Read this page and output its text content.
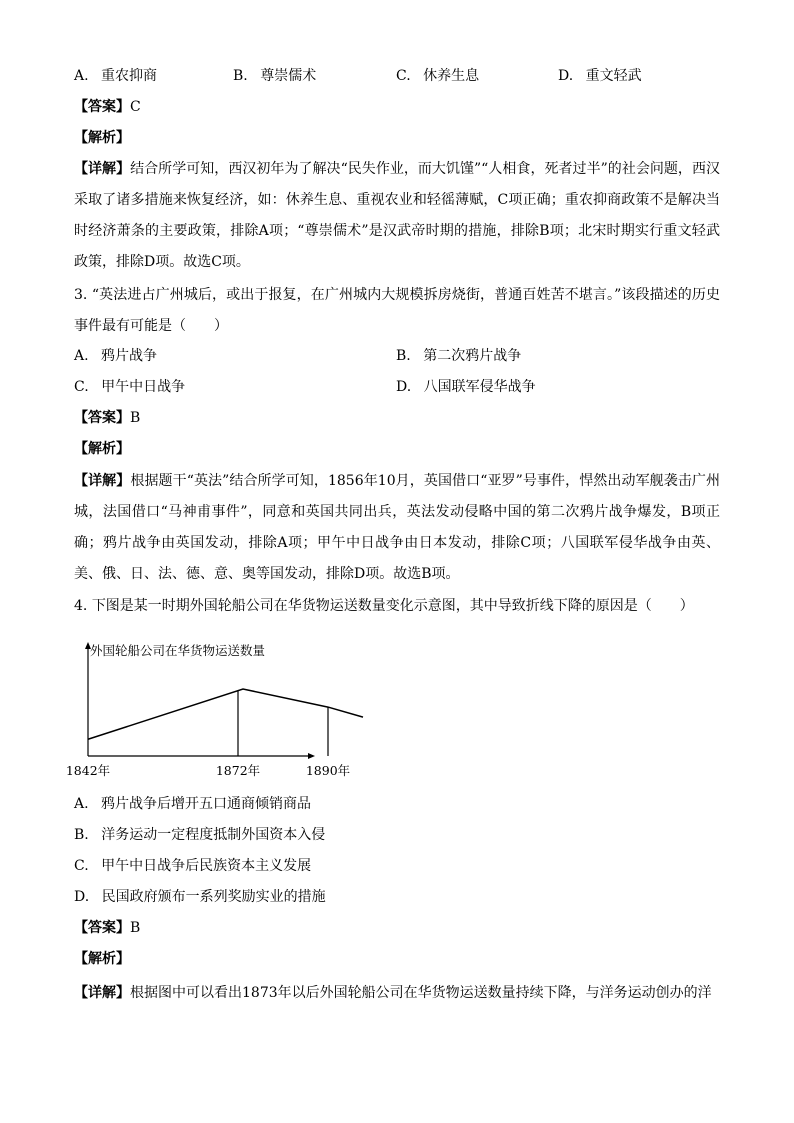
A. 重农抑商	B. 尊崇儒术	C. 休养生息	D. 重文轻武
【答案】C
【解析】
【详解】结合所学可知，西汉初年为了解决“民失作业，而大饥馑”“人相食，死者过半”的社会问题，西汉采取了诸多措施来恢复经济，如：休养生息、重视农业和轻徭薄赋，C项正确；重农抑商政策不是解决当时经济萧条的主要政策，排除A项；“尊崇儒术”是汉武帝时期的措施，排除B项；北宋时期实行重文轻武政策，排除D项。故选C项。
3. “英法进占广州城后，或出于报复，在广州城内大规模拆房烧街，普通百姓苦不堪言。”该段描述的历史事件最有可能是（　　）
A. 鸦片战争	B. 第二次鸦片战争
C. 甲午中日战争	D. 八国联军侵华战争
【答案】B
【解析】
【详解】根据题干“英法”结合所学可知，1856年10月，英国借口“亚罗”号事件，悍然出动军舰袭击广州城，法国借口“马神甫事件”，同意和英国共同出兵，英法发动侵略中国的第二次鸦片战争爆发，B项正确；鸦片战争由英国发动，排除A项；甲午中日战争由日本发动，排除C项；八国联军侵华战争由英、美、俄、日、法、德、意、奥等国发动，排除D项。故选B项。
4. 下图是某一时期外国轮船公司在华货物运送数量变化示意图，其中导致折线下降的原因是（　　）
外国轮船公司在华货物运送数量
1842年	1872年	1890年
A. 鸦片战争后增开五口通商倾销商品
B. 洋务运动一定程度抵制外国资本入侵
C. 甲午中日战争后民族资本主义发展
D. 民国政府颁布一系列奖励实业的措施
【答案】B
【解析】
【详解】根据图中可以看出1873年以后外国轮船公司在华货物运送数量持续下降，与洋务运动创办的洋
